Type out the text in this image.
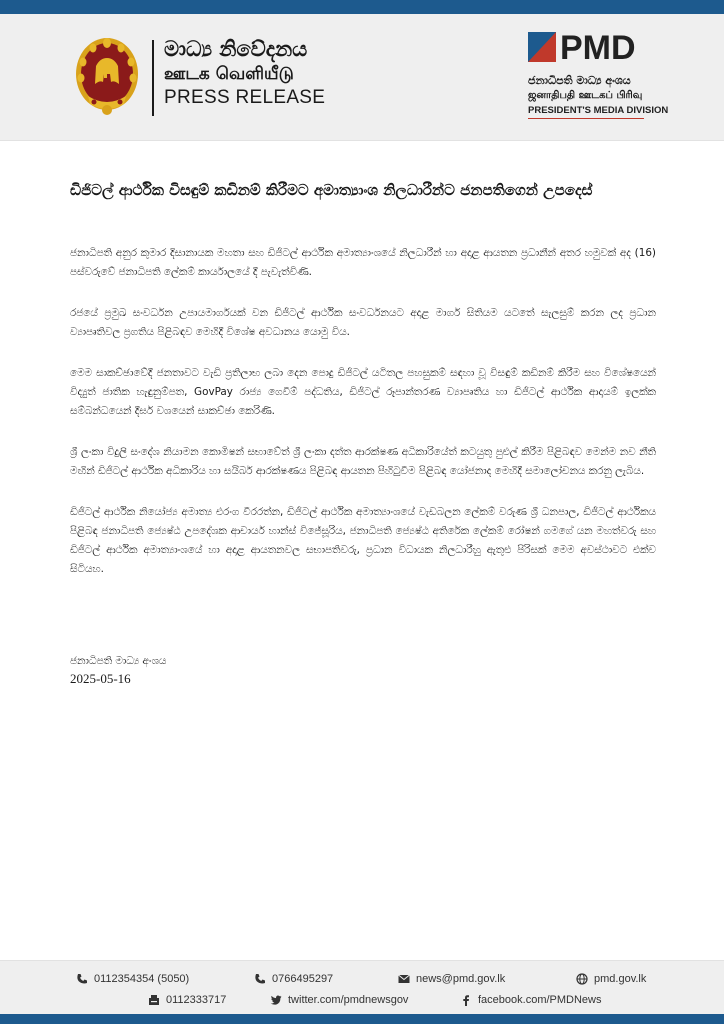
මාධ්‍ය නිවේදනය
ஊடக வெளியீடு
PRESS RELEASE
PMD
ජනාධිපති මාධ්‍ය අංශය
ஜனாதிபதி ஊடகப் பிரிவு
PRESIDENT'S MEDIA DIVISION
ඩිජිටල් ආර්ථික විසඳුම් කඩිනම් කිරීමට අමාත්‍යාංශ නිලධාරීන්ට ජනපතිගෙන් උපදෙස්

ජනාධිපති අනුර කුමාර දිසානායක මහතා සහ ඩිජිටල් ආර්ථික අමාත්‍යාංශයේ නිලධාරීන් හා අදාළ ආයතන ප්‍රධානීන් අතර හමුවක් අද (16) පස්වරුවේ ජනාධිපති ලේකම් කාර්යාලයේ දී පැවැත්විණි.

රජයේ ප්‍රමුඛ සංවර්ධන උපායමාර්ගයක් වන ඩිජිටල් ආර්ථික සංවර්ධනයට අදාළ මාර්ග සිතියම යටතේ සැලසුම් කරන ලද ප්‍රධාන ව්‍යාපෘතිවල ප්‍රගතිය පිළිබඳව මෙහිදී විශේෂ අවධානය යොමු විය.

මෙම සාකච්ඡාවේදී ජනතාවට වැඩි ප්‍රතිලාභ ලබා දෙන පොදු ඩිජිටල් යටිතල පහසුකම් සඳහා වූ විසඳුම් කඩිනම් කිරීම සහ විශේෂයෙන් විද්‍යුත් ජාතික හැඳුනුම්පත, GovPay රාජ්‍ය ගෙවීම් පද්ධතිය, ඩිජිටල් රූපාන්තරණ ව්‍යාපෘතිය හා ඩිජිටල් ආර්ථික ආදායම් ඉලක්ක සම්බන්ධයෙන් දීර්ඝ වශයෙන් සාකච්ඡා කෙරිණි.

ශ්‍රී ලංකා විදුලි සංදේශ නියාමන කොමිෂන් සභාවේත් ශ්‍රී ලංකා දත්ත ආරක්ෂණ අධිකාරියේත් කටයුතු පුළුල් කිරීම පිළිබඳව මෙන්ම නව නීති මඟින් ඩිජිටල් ආර්ථික අධිකාරිය හා සයිබර් ආරක්ෂණය පිළිබඳ ආයතන පිහිටුවීම පිළිබඳ යෝජනාද මෙහිදී සමාලෝචනය කරනු ලැබිය.

ඩිජිටල් ආර්ථික නියෝජ්‍ය අමාත්‍ය එරංග වීරරත්න, ඩිජිටල් ආර්ථික අමාත්‍යාංශයේ වැඩබලන ලේකම් වරුණ ශ්‍රී ධනපාල, ඩිජිටල් ආර්ථිකය පිළිබඳ ජනාධිපති ජ්‍යෙෂ්ඨ උපදේශක ආචාර්ය හාන්ස් විජේසූරිය, ජනාධිපති ජ්‍යෙෂ්ඨ අතිරේක ලේකම් රෝෂන් ගමගේ යන මහත්වරු සහ ඩිජිටල් ආර්ථික අමාත්‍යාංශයේ හා අදාළ ආයතනවල සභාපතිවරු, ප්‍රධාන විධායක නිලධාරීහු ඇතුළු පිරිසක් මෙම අවස්ථාවට එක්ව සිටියහ.

ජනාධිපති මාධ්‍ය අංශය
2025-05-16
0112354354 (5050)	0766495297	news@pmd.gov.lk	pmd.gov.lk
0112333717	twitter.com/pmdnewsgov	facebook.com/PMDNews
